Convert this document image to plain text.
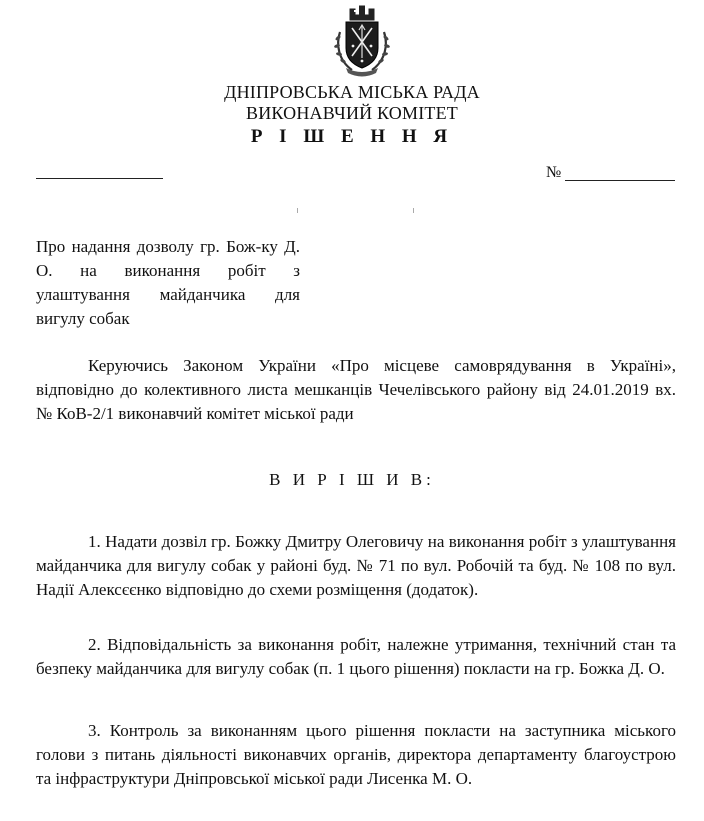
ДНІПРОВСЬКА МІСЬКА РАДА
ВИКОНАВЧИЙ КОМІТЕТ
Р І Ш Е Н Н Я
№
Про надання дозволу гр. Бож-ку Д. О. на виконання робіт з улаштування майданчика для вигулу собак
Керуючись Законом України «Про місцеве самоврядування в Україні», відповідно до колективного листа мешканців Чечелівського району від 24.01.2019 вх. № КоВ-2/1 виконавчий комітет міської ради
В И Р І Ш И В:
1. Надати дозвіл гр. Божку Дмитру Олеговичу на виконання робіт з улаштування майданчика для вигулу собак у районі буд. № 71 по вул. Робочій та буд. № 108 по вул. Надії Алексєєнко відповідно до схеми розміщення (додаток).
2. Відповідальність за виконання робіт, належне утримання, технічний стан та безпеку майданчика для вигулу собак (п. 1 цього рішення) покласти на гр. Божка Д. О.
3. Контроль за виконанням цього рішення покласти на заступника міського голови з питань діяльності виконавчих органів, директора департаменту благоустрою та інфраструктури Дніпровської міської ради Лисенка М. О.
